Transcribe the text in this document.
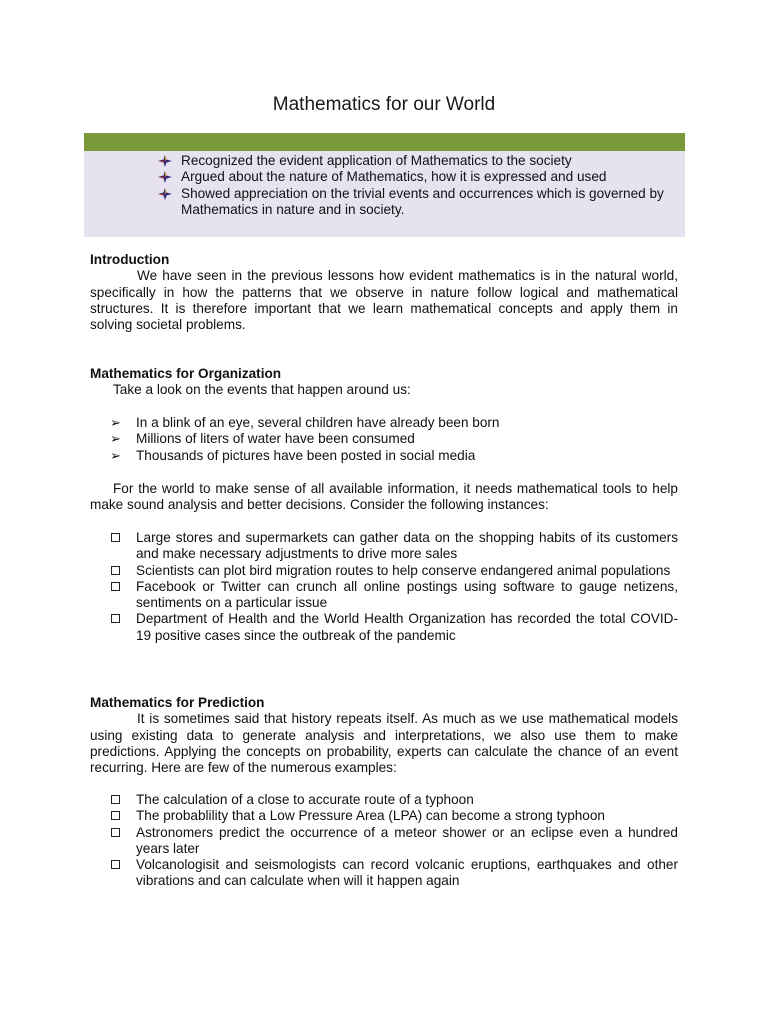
Mathematics for our World
Recognized the evident application of Mathematics to the society
Argued about the nature of Mathematics, how it is expressed and used
Showed appreciation on the trivial events and occurrences which is governed by Mathematics in nature and in society.
Introduction
We have seen in the previous lessons how evident mathematics is in the natural world, specifically in how the patterns that we observe in nature follow logical and mathematical structures. It is therefore important that we learn mathematical concepts and apply them in solving societal problems.
Mathematics for Organization
Take a look on the events that happen around us:
➢ In a blink of an eye, several children have already been born
➢ Millions of liters of water have been consumed
➢ Thousands of pictures have been posted in social media
For the world to make sense of all available information, it needs mathematical tools to help make sound analysis and better decisions. Consider the following instances:
Large stores and supermarkets can gather data on the shopping habits of its customers and make necessary adjustments to drive more sales
Scientists can plot bird migration routes to help conserve endangered animal populations
Facebook or Twitter can crunch all online postings using software to gauge netizens, sentiments on a particular issue
Department of Health and the World Health Organization has recorded the total COVID-19 positive cases since the outbreak of the pandemic
Mathematics for Prediction
It is sometimes said that history repeats itself. As much as we use mathematical models using existing data to generate analysis and interpretations, we also use them to make predictions. Applying the concepts on probability, experts can calculate the chance of an event recurring. Here are few of the numerous examples:
The calculation of a close to accurate route of a typhoon
The probablility that a Low Pressure Area (LPA) can become a strong typhoon
Astronomers predict the occurrence of a meteor shower or an eclipse even a hundred years later
Volcanologisit and seismologists can record volcanic eruptions, earthquakes and other vibrations and can calculate when will it happen again
